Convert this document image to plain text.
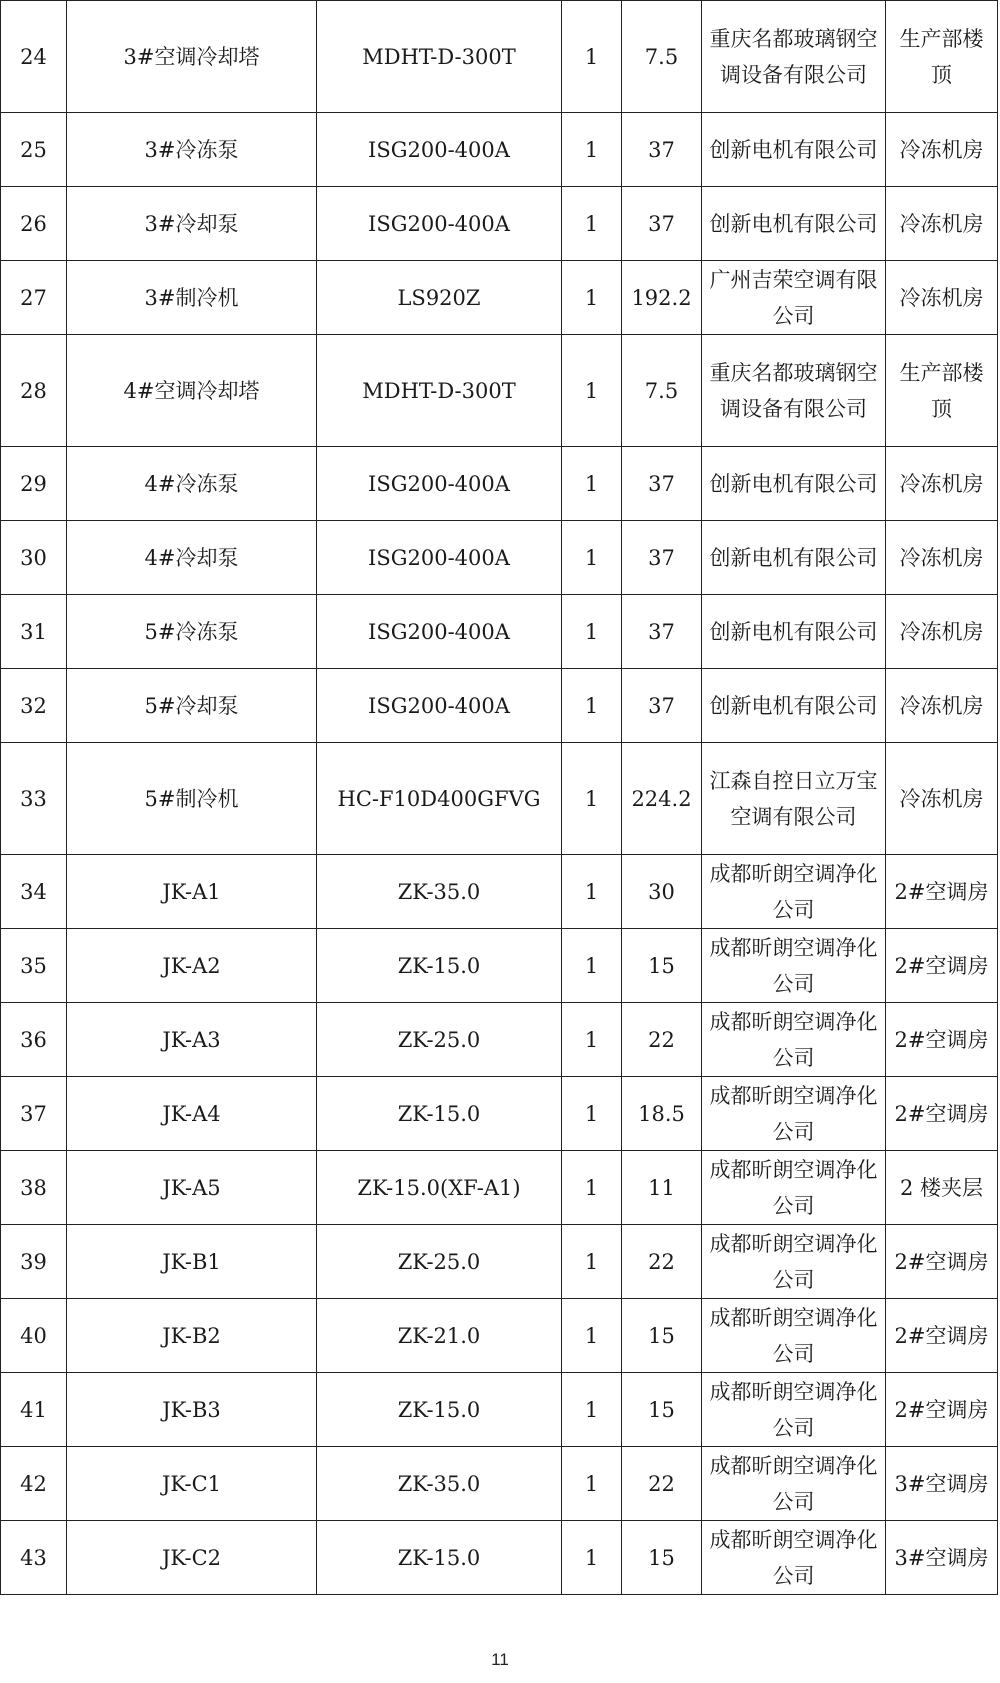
24	3#空调冷却塔	MDHT-D-300T	1	7.5	重庆名都玻璃钢空调设备有限公司	生产部楼顶
25	3#冷冻泵	ISG200-400A	1	37	创新电机有限公司	冷冻机房
26	3#冷却泵	ISG200-400A	1	37	创新电机有限公司	冷冻机房
27	3#制冷机	LS920Z	1	192.2	广州吉荣空调有限公司	冷冻机房
28	4#空调冷却塔	MDHT-D-300T	1	7.5	重庆名都玻璃钢空调设备有限公司	生产部楼顶
29	4#冷冻泵	ISG200-400A	1	37	创新电机有限公司	冷冻机房
30	4#冷却泵	ISG200-400A	1	37	创新电机有限公司	冷冻机房
31	5#冷冻泵	ISG200-400A	1	37	创新电机有限公司	冷冻机房
32	5#冷却泵	ISG200-400A	1	37	创新电机有限公司	冷冻机房
33	5#制冷机	HC-F10D400GFVG	1	224.2	江森自控日立万宝空调有限公司	冷冻机房
34	JK-A1	ZK-35.0	1	30	成都昕朗空调净化公司	2#空调房
35	JK-A2	ZK-15.0	1	15	成都昕朗空调净化公司	2#空调房
36	JK-A3	ZK-25.0	1	22	成都昕朗空调净化公司	2#空调房
37	JK-A4	ZK-15.0	1	18.5	成都昕朗空调净化公司	2#空调房
38	JK-A5	ZK-15.0(XF-A1)	1	11	成都昕朗空调净化公司	2 楼夹层
39	JK-B1	ZK-25.0	1	22	成都昕朗空调净化公司	2#空调房
40	JK-B2	ZK-21.0	1	15	成都昕朗空调净化公司	2#空调房
41	JK-B3	ZK-15.0	1	15	成都昕朗空调净化公司	2#空调房
42	JK-C1	ZK-35.0	1	22	成都昕朗空调净化公司	3#空调房
43	JK-C2	ZK-15.0	1	15	成都昕朗空调净化公司	3#空调房
11
